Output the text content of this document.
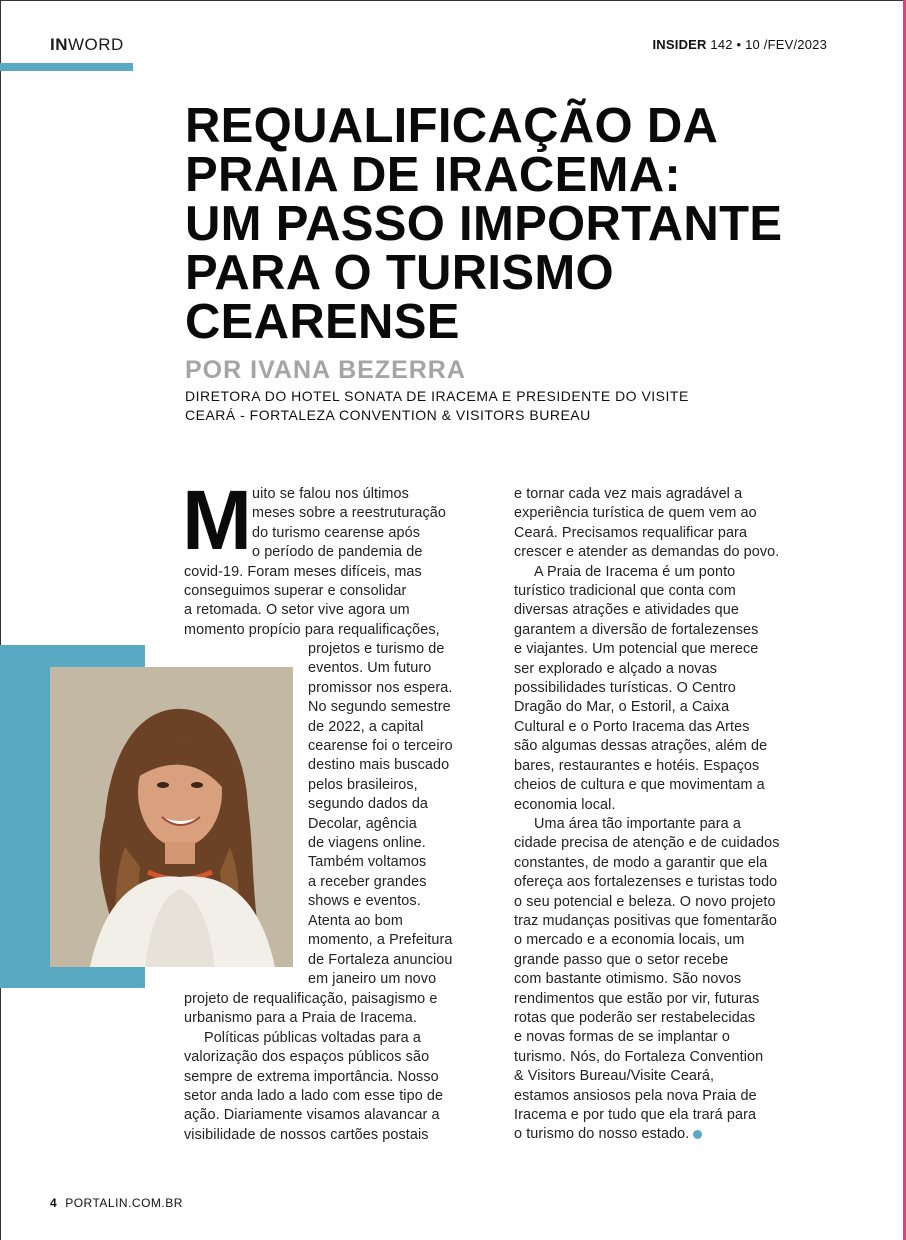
INWORD	INSIDER 142 • 10 /FEV/2023
REQUALIFICAÇÃO DA
PRAIA DE IRACEMA:
UM PASSO IMPORTANTE
PARA O TURISMO
CEARENSE
POR IVANA BEZERRA
DIRETORA DO HOTEL SONATA DE IRACEMA E PRESIDENTE DO VISITE
CEARÁ - FORTALEZA CONVENTION & VISITORS BUREAU
M uito se falou nos últimos
meses sobre a reestruturação
do turismo cearense após
o período de pandemia de
covid-19. Foram meses difíceis, mas
conseguimos superar e consolidar
a retomada. O setor vive agora um
momento propício para requalificações,
projetos e turismo de
eventos. Um futuro
promissor nos espera.
No segundo semestre
de 2022, a capital
cearense foi o terceiro
destino mais buscado
pelos brasileiros,
segundo dados da
Decolar, agência
de viagens online.
Também voltamos
a receber grandes
shows e eventos.
Atenta ao bom
momento, a Prefeitura
de Fortaleza anunciou
em janeiro um novo
projeto de requalificação, paisagismo e
urbanismo para a Praia de Iracema.
Políticas públicas voltadas para a
valorização dos espaços públicos são
sempre de extrema importância. Nosso
setor anda lado a lado com esse tipo de
ação. Diariamente visamos alavancar a
visibilidade de nossos cartões postais
e tornar cada vez mais agradável a
experiência turística de quem vem ao
Ceará. Precisamos requalificar para
crescer e atender as demandas do povo.
A Praia de Iracema é um ponto
turístico tradicional que conta com
diversas atrações e atividades que
garantem a diversão de fortalezenses
e viajantes. Um potencial que merece
ser explorado e alçado a novas
possibilidades turísticas. O Centro
Dragão do Mar, o Estoril, a Caixa
Cultural e o Porto Iracema das Artes
são algumas dessas atrações, além de
bares, restaurantes e hotéis. Espaços
cheios de cultura e que movimentam a
economia local.
Uma área tão importante para a
cidade precisa de atenção e de cuidados
constantes, de modo a garantir que ela
ofereça aos fortalezenses e turistas todo
o seu potencial e beleza. O novo projeto
traz mudanças positivas que fomentarão
o mercado e a economia locais, um
grande passo que o setor recebe
com bastante otimismo. São novos
rendimentos que estão por vir, futuras
rotas que poderão ser restabelecidas
e novas formas de se implantar o
turismo. Nós, do Fortaleza Convention
& Visitors Bureau/Visite Ceará,
estamos ansiosos pela nova Praia de
Iracema e por tudo que ela trará para
o turismo do nosso estado.
4 PORTALIN.COM.BR
